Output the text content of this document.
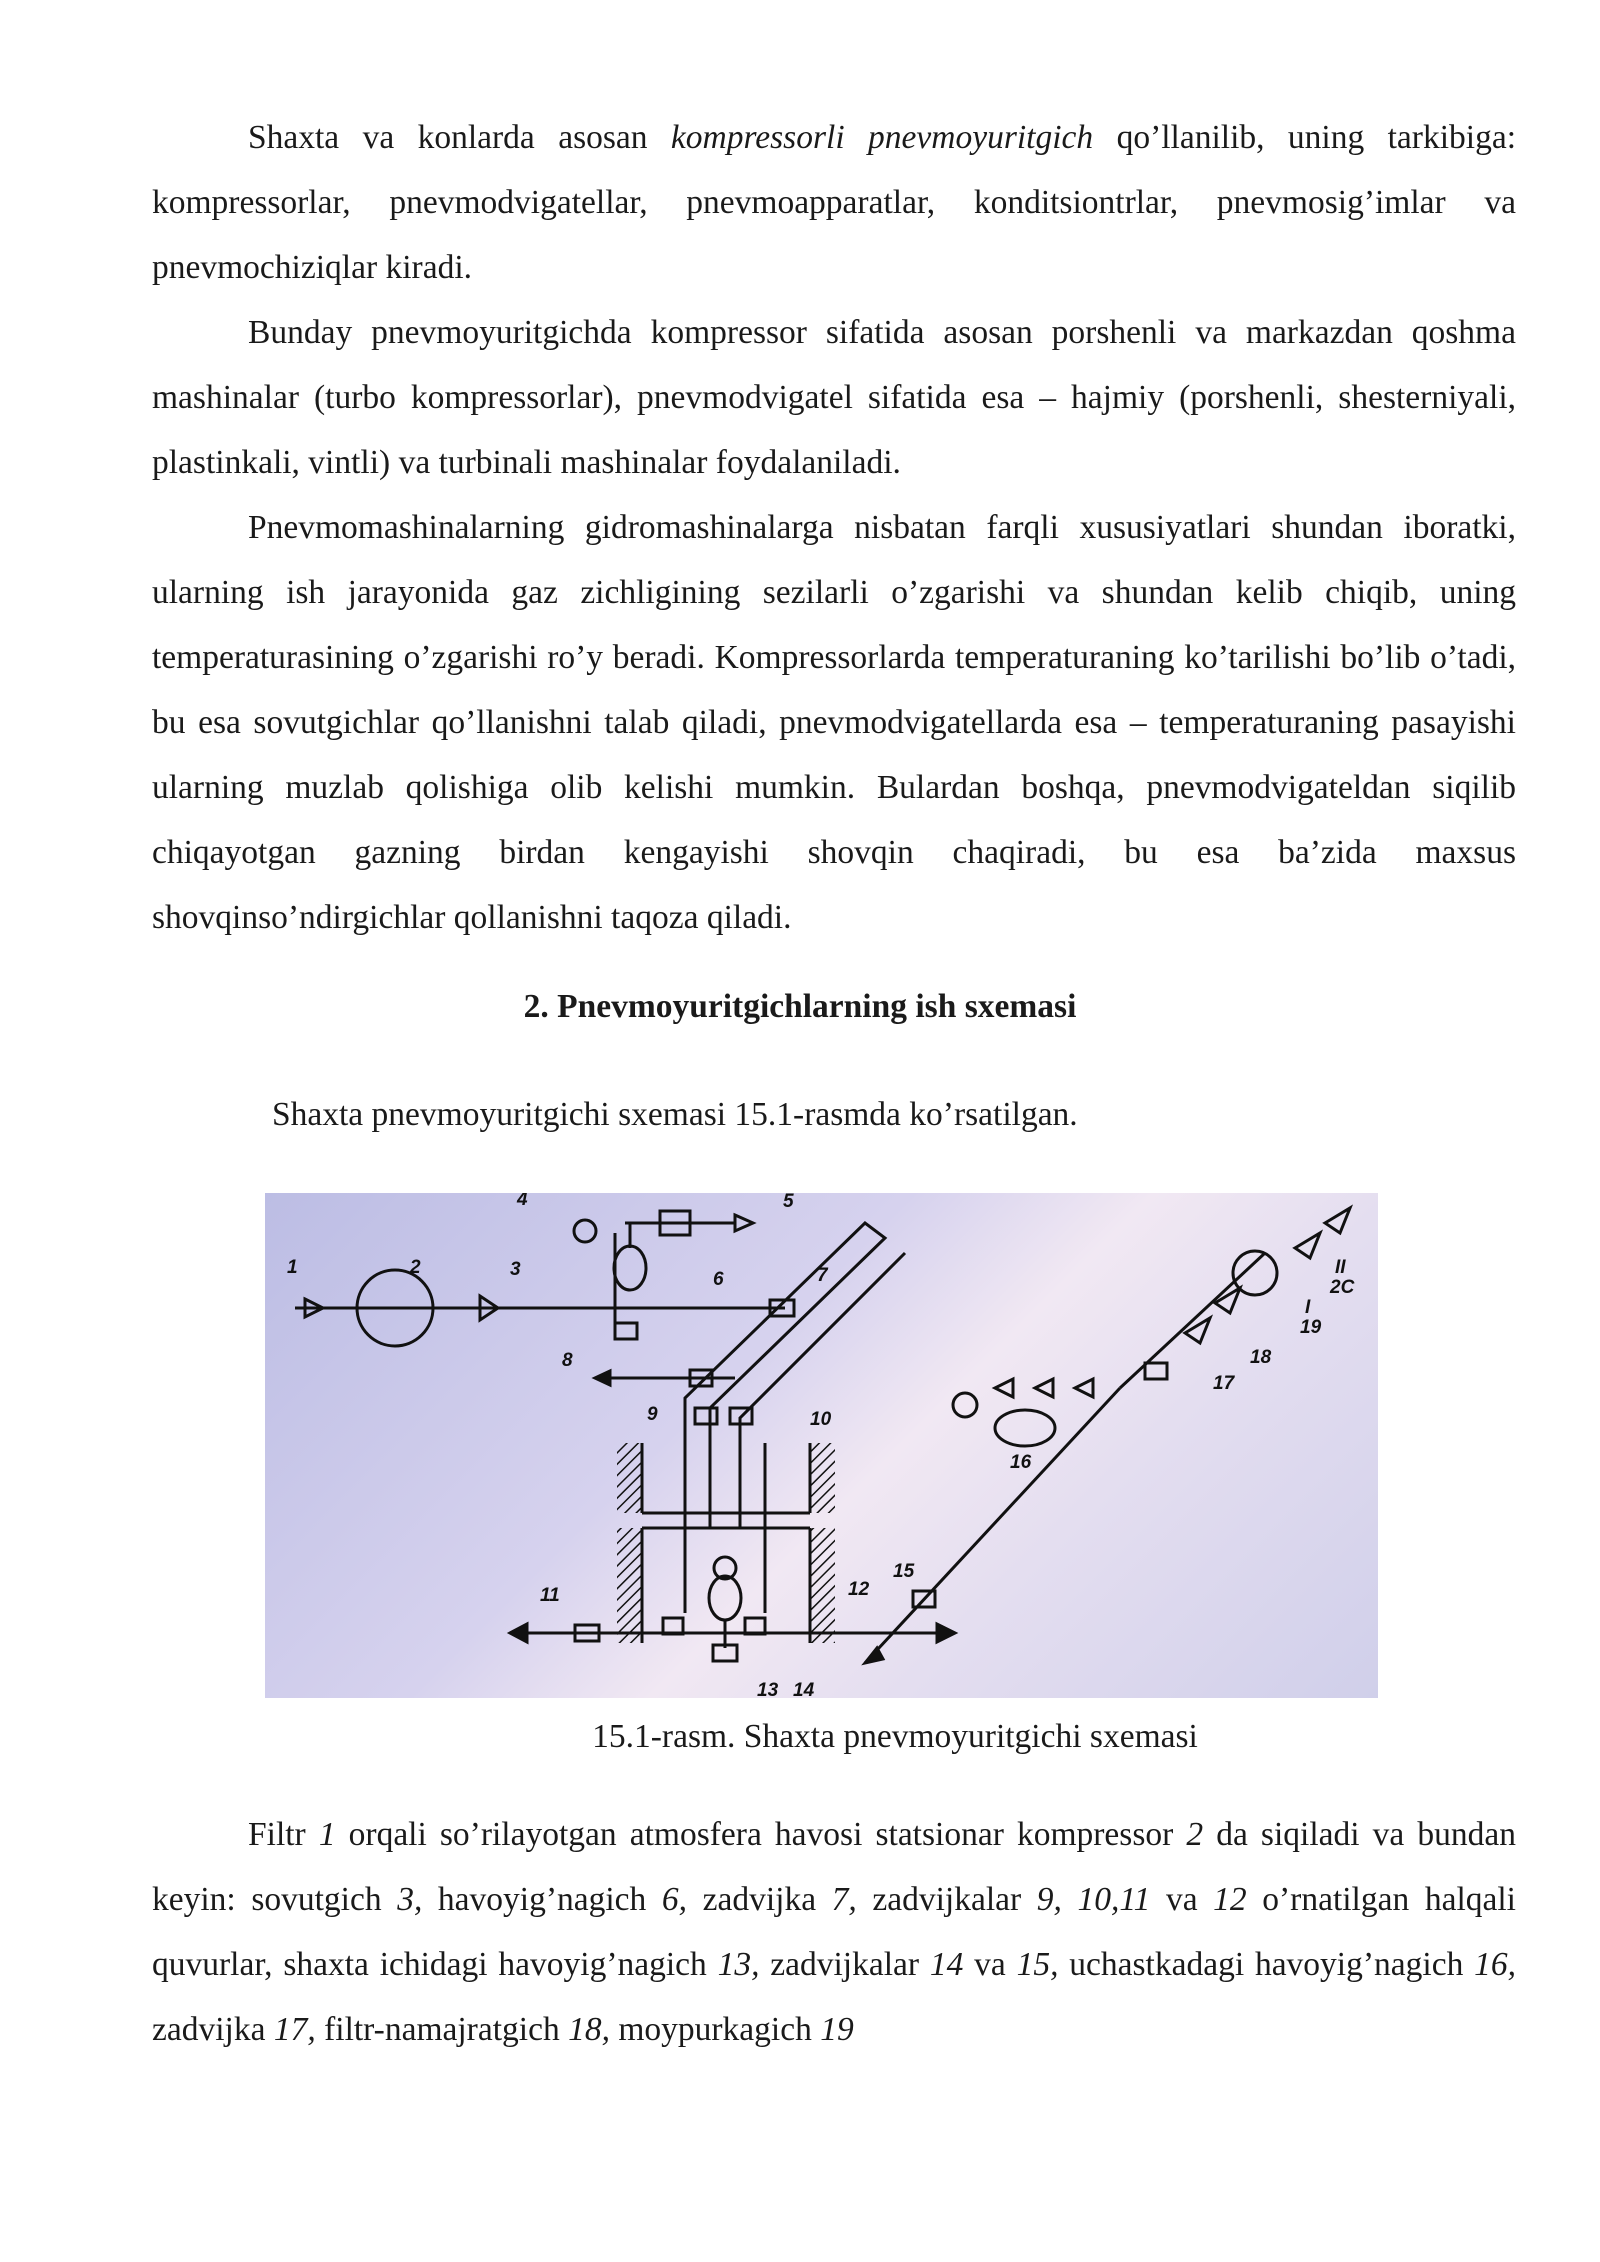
Shaxta va konlarda asosan kompressorli pnevmoyuritgich qo’llanilib, uning tarkibiga: kompressorlar, pnevmodvigatellar, pnevmoapparatlar, konditsiontrlar, pnevmosig’imlar va pnevmochiziqlar kiradi.

Bunday pnevmoyuritgichda kompressor sifatida asosan porshenli va markazdan qoshma mashinalar (turbo kompressorlar), pnevmodvigatel sifatida esa – hajmiy (porshenli, shesterniyali, plastinkali, vintli) va turbinali mashinalar foydalaniladi.

Pnevmomashinalarning gidromashinalarga nisbatan farqli xususiyatlari shundan iboratki, ularning ish jarayonida gaz zichligining sezilarli o’zgarishi va shundan kelib chiqib, uning temperaturasining o’zgarishi ro’y beradi. Kompressorlarda temperaturaning ko’tarilishi bo’lib o’tadi, bu esa sovutgichlar qo’llanishni talab qiladi, pnevmodvigatellarda esa – temperaturaning pasayishi ularning muzlab qolishiga olib kelishi mumkin. Bulardan boshqa, pnevmodvigateldan siqilib chiqayotgan gazning birdan kengayishi shovqin chaqiradi, bu esa ba’zida maxsus shovqinso’ndirgichlar qollanishni taqoza qiladi.

2. Pnevmoyuritgichlarning ish sxemasi
Shaxta pnevmoyuritgichi sxemasi 15.1-rasmda ko’rsatilgan.
1	2	3
4	5
6	7
8
9	10
11	12
13 14
15
16
17
18
19
2C
II
I
15.1-rasm. Shaxta pnevmoyuritgichi sxemasi

Filtr 1 orqali so’rilayotgan atmosfera havosi statsionar kompressor 2 da siqiladi va bundan keyin: sovutgich 3, havoyig’nagich 6, zadvijka 7, zadvijkalar 9, 10,11 va 12 o’rnatilgan halqali quvurlar, shaxta ichidagi havoyig’nagich 13, zadvijkalar 14 va 15, uchastkadagi havoyig’nagich 16, zadvijka 17, filtr-namajratgich 18, moypurkagich 19
